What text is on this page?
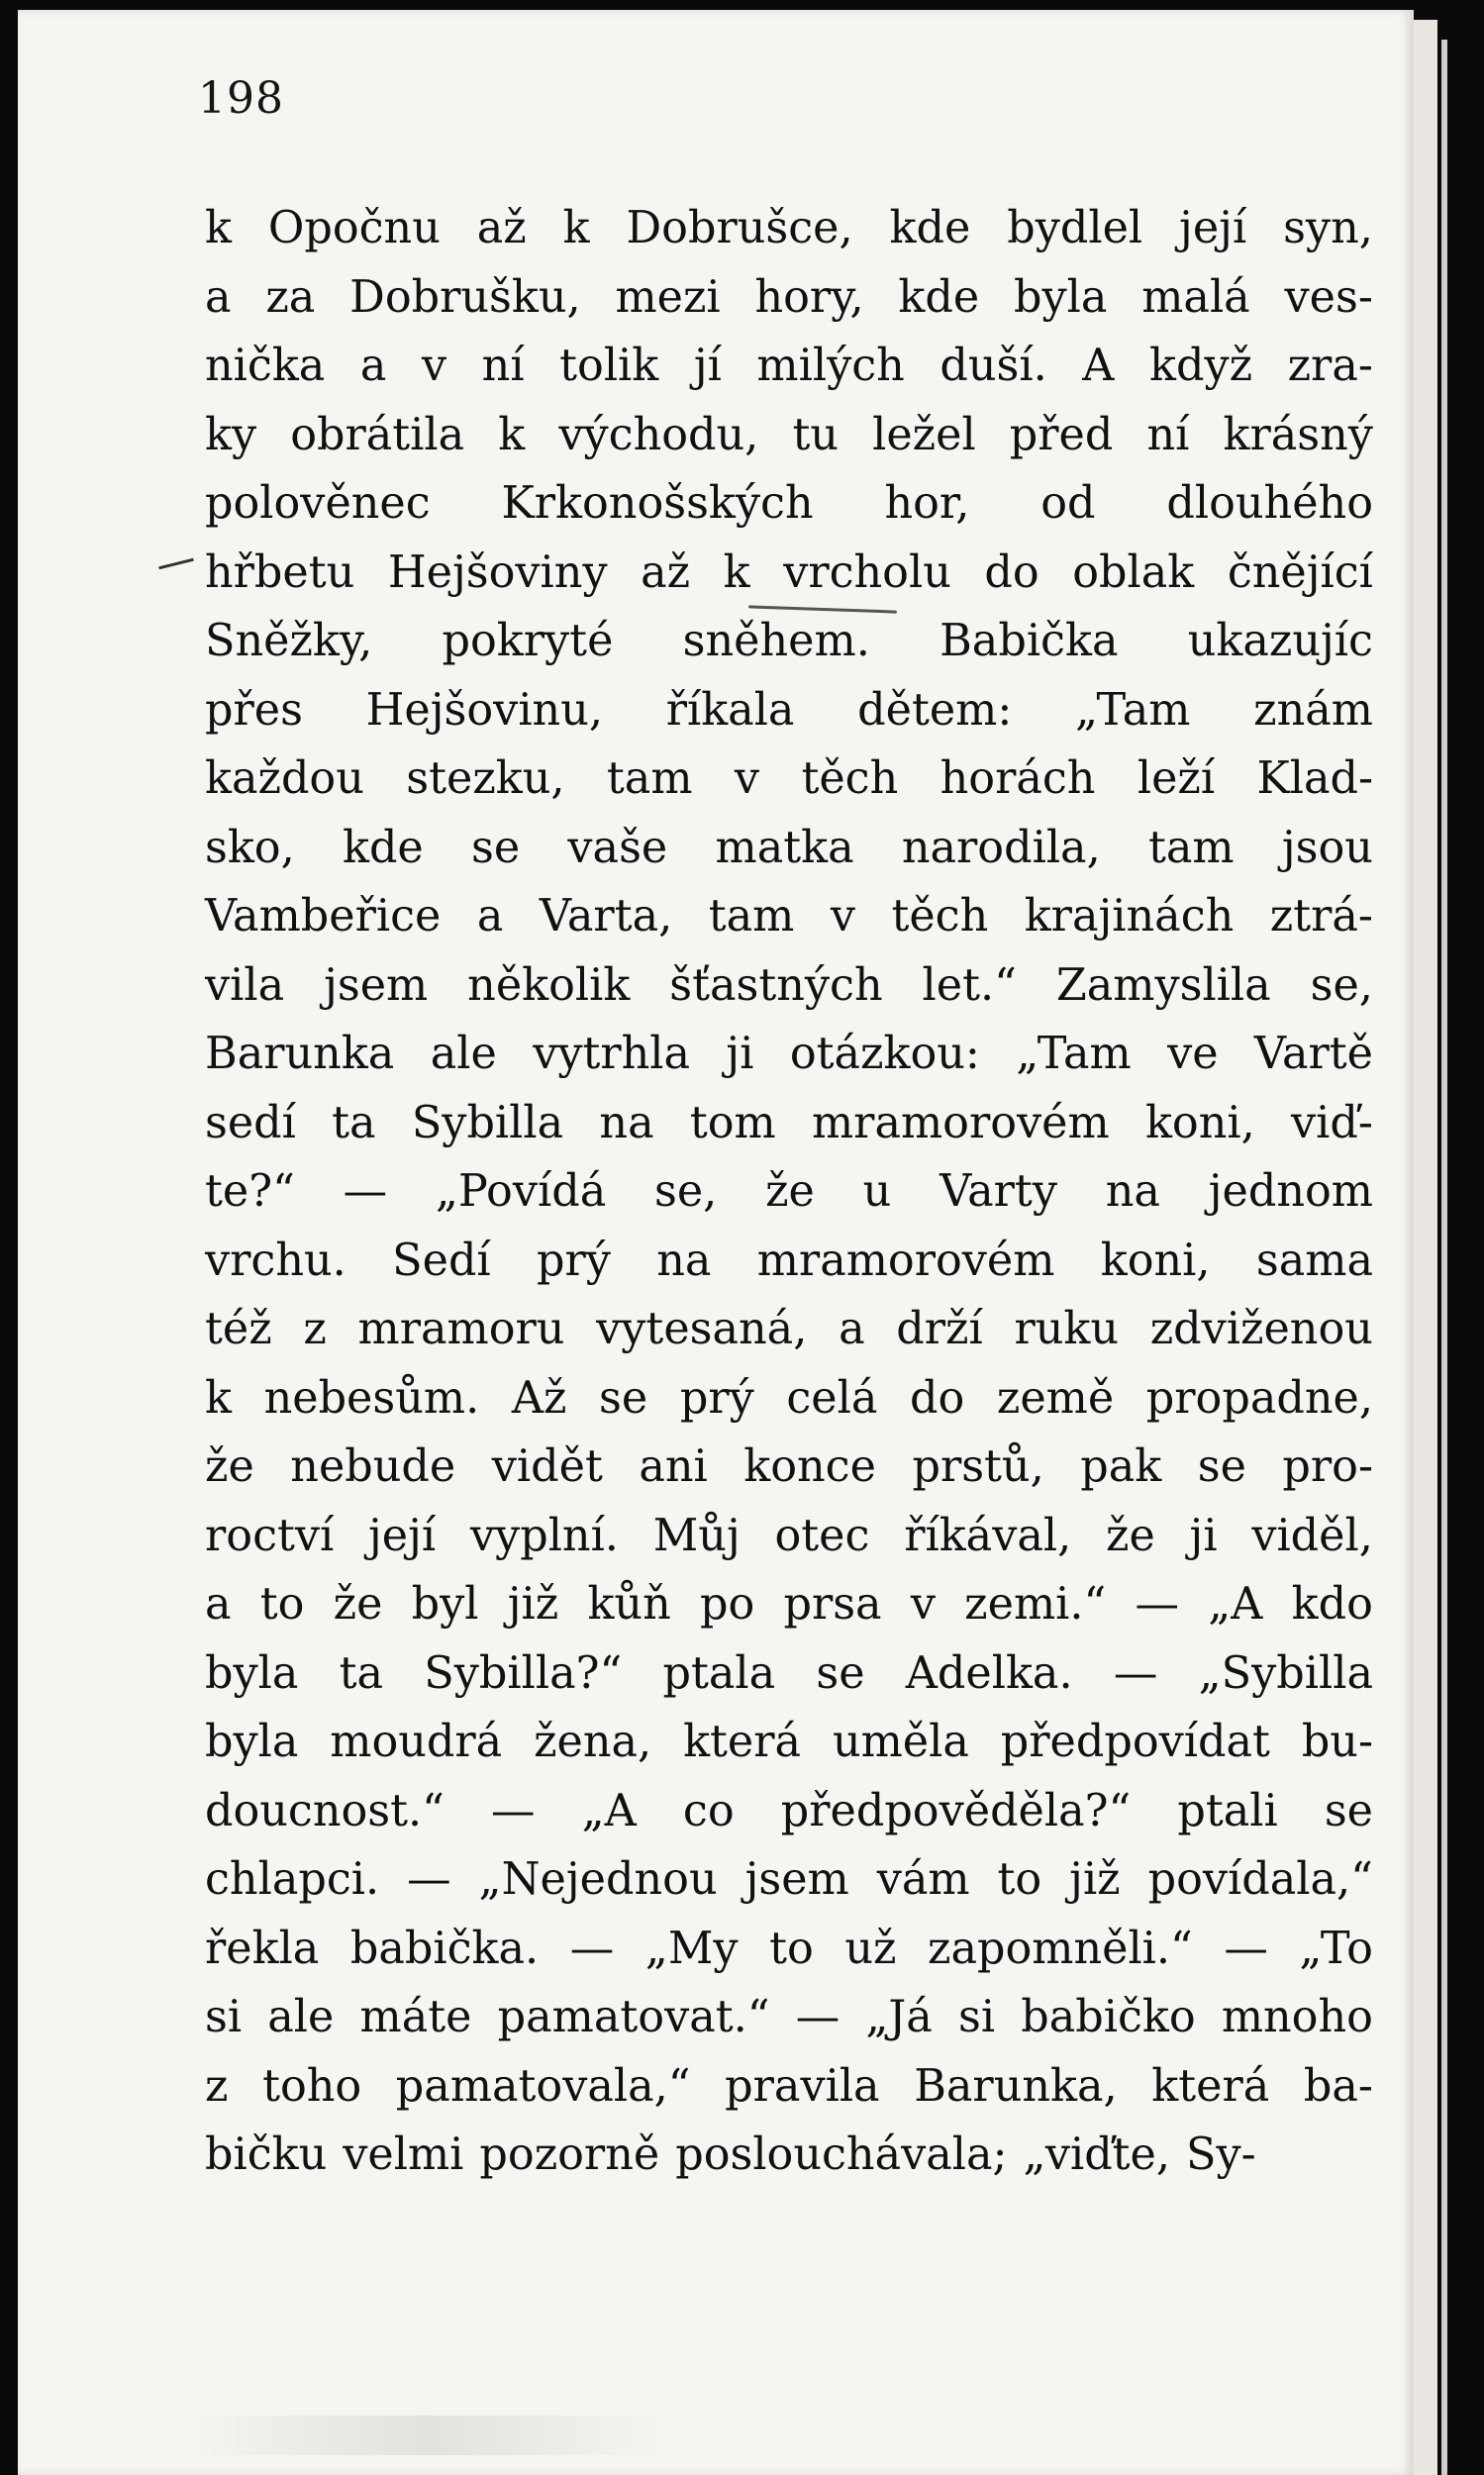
198
k Opočnu až k Dobrušce, kde bydlel její syn,
a za Dobrušku, mezi hory, kde byla malá ves-
nička a v ní tolik jí milých duší. A když zra-
ky obrátila k východu, tu ležel před ní krásný
polověnec Krkonošských hor, od dlouhého
hřbetu Hejšoviny až k vrcholu do oblak čnějící
Sněžky, pokryté sněhem. Babička ukazujíc
přes Hejšovinu, říkala dětem: „Tam znám
každou stezku, tam v těch horách leží Klad-
sko, kde se vaše matka narodila, tam jsou
Vambeřice a Varta, tam v těch krajinách ztrá-
vila jsem několik šťastných let.“ Zamyslila se,
Barunka ale vytrhla ji otázkou: „Tam ve Vartě
sedí ta Sybilla na tom mramorovém koni, viď-
te?“ — „Povídá se, že u Varty na jednom
vrchu. Sedí prý na mramorovém koni, sama
též z mramoru vytesaná, a drží ruku zdviženou
k nebesům. Až se prý celá do země propadne,
že nebude vidět ani konce prstů, pak se pro-
roctví její vyplní. Můj otec říkával, že ji viděl,
a to že byl již kůň po prsa v zemi.“ — „A kdo
byla ta Sybilla?“ ptala se Adelka. — „Sybilla
byla moudrá žena, která uměla předpovídat bu-
doucnost.“ — „A co předpověděla?“ ptali se
chlapci. — „Nejednou jsem vám to již povídala,“
řekla babička. — „My to už zapomněli.“ — „To
si ale máte pamatovat.“ — „Já si babičko mnoho
z toho pamatovala,“ pravila Barunka, která ba-
bičku velmi pozorně poslouchávala; „viďte, Sy-
